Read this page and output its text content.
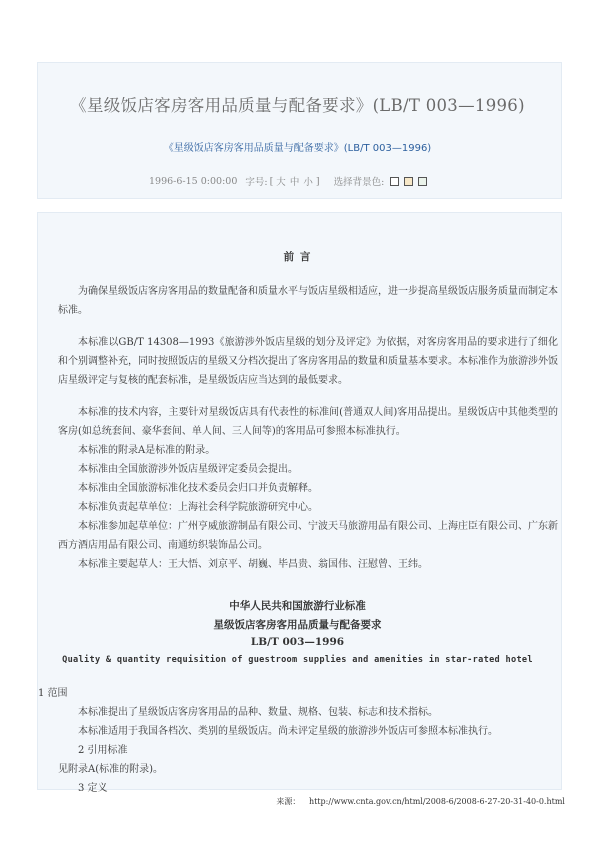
《星级饭店客房客用品质量与配备要求》(LB/T 003—1996)
《星级饭店客房客用品质量与配备要求》(LB/T 003—1996)
1996-6-15 0:00:00 字号: [ 大 中 小 ] 选择背景色:
前 言

为确保星级饭店客房客用品的数量配备和质量水平与饭店星级相适应，进一步提高星级饭店服务质量而制定本标准。

本标准以GB/T 14308—1993《旅游涉外饭店星级的划分及评定》为依据，对客房客用品的要求进行了细化和个别调整补充，同时按照饭店的星级又分档次提出了客房客用品的数量和质量基本要求。本标准作为旅游涉外饭店星级评定与复核的配套标准，是星级饭店应当达到的最低要求。

本标准的技术内容，主要针对星级饭店具有代表性的标准间(普通双人间)客用品提出。星级饭店中其他类型的客房(如总统套间、豪华套间、单人间、三人间等)的客用品可参照本标准执行。

本标准的附录A是标准的附录。

本标准由全国旅游涉外饭店星级评定委员会提出。

本标准由全国旅游标准化技术委员会归口并负责解释。

本标准负责起草单位：上海社会科学院旅游研究中心。

本标准参加起草单位：广州亨威旅游制品有限公司、宁波天马旅游用品有限公司、上海庄臣有限公司、广东新西方酒店用品有限公司、南通纺织装饰品公司。

本标准主要起草人：王大悟、刘京平、胡巍、毕昌贵、翁国伟、汪慰曾、王纬。

中华人民共和国旅游行业标准
星级饭店客房客用品质量与配备要求
LB/T 003—1996
Quality & quantity requisition of guestroom supplies and amenities in star-rated hotel

1 范围

本标准提出了星级饭店客房客用品的品种、数量、规格、包装、标志和技术指标。

本标准适用于我国各档次、类别的星级饭店。尚未评定星级的旅游涉外饭店可参照本标准执行。

2 引用标准

见附录A(标准的附录)。

3 定义

来源： http://www.cnta.gov.cn/html/2008-6/2008-6-27-20-31-40-0.html
